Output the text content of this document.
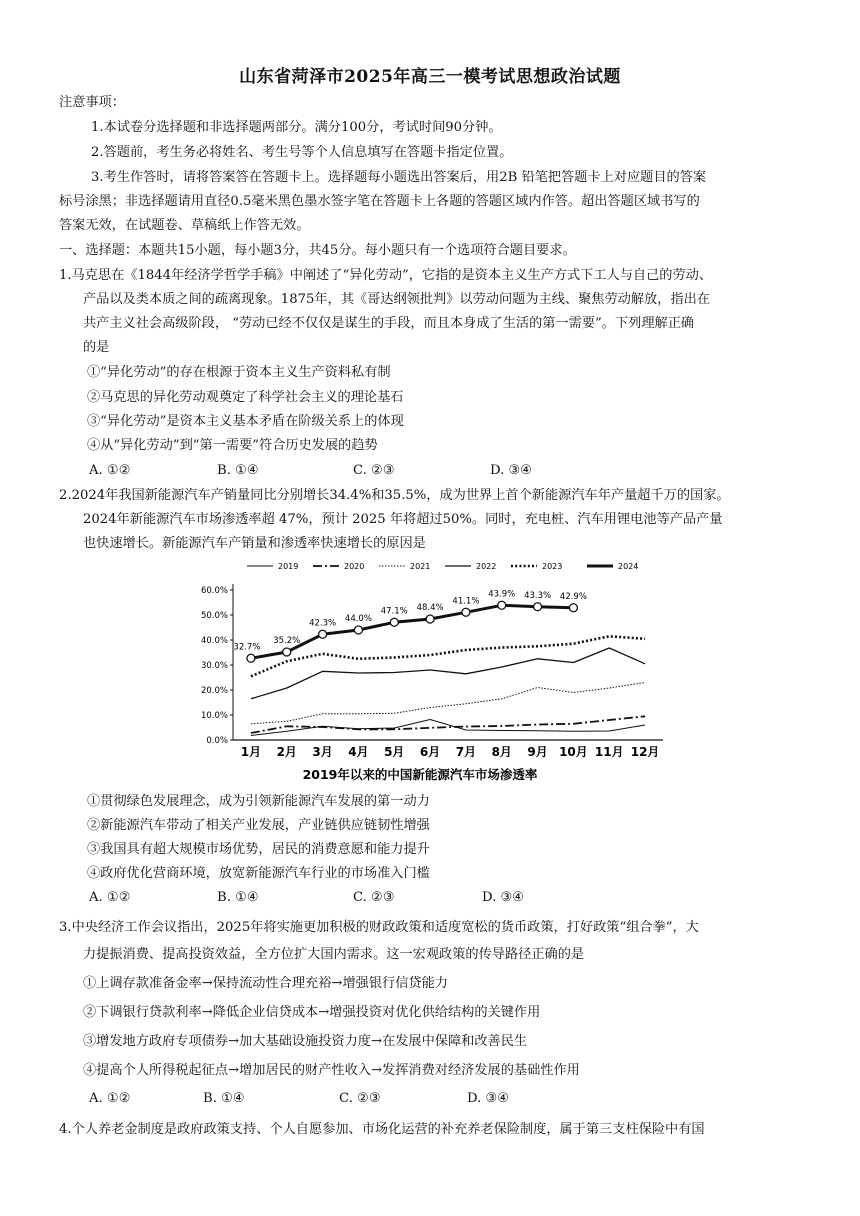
山东省菏泽市2025年高三一模考试思想政治试题
注意事项：
1.本试卷分选择题和非选择题两部分。满分100分，考试时间90分钟。
2.答题前，考生务必将姓名、考生号等个人信息填写在答题卡指定位置。
3.考生作答时，请将答案答在答题卡上。选择题每小题选出答案后，用2B 铅笔把答题卡上对应题目的答案
标号涂黑；非选择题请用直径0.5毫米黑色墨水签字笔在答题卡上各题的答题区域内作答。超出答题区域书写的
答案无效，在试题卷、草稿纸上作答无效。
一、选择题：本题共15小题，每小题3分，共45分。每小题只有一个选项符合题目要求。
1.马克思在《1844年经济学哲学手稿》中阐述了“异化劳动”，它指的是资本主义生产方式下工人与自己的劳动、
产品以及类本质之间的疏离现象。1875年，其《哥达纲领批判》以劳动问题为主线、聚焦劳动解放，指出在
共产主义社会高级阶段， “劳动已经不仅仅是谋生的手段，而且本身成了生活的第一需要”。下列理解正确
的是
①“异化劳动”的存在根源于资本主义生产资料私有制
②马克思的异化劳动观奠定了科学社会主义的理论基石
③“异化劳动”是资本主义基本矛盾在阶级关系上的体现
④从“异化劳动”到“第一需要”符合历史发展的趋势
A. ①②	B. ①④	C. ②③	D. ③④
2.2024年我国新能源汽车产销量同比分别增长34.4%和35.5%，成为世界上首个新能源汽车年产量超千万的国家。
2024年新能源汽车市场渗透率超 47%，预计 2025 年将超过50%。同时，充电桩、汽车用锂电池等产品产量
也快速增长。新能源汽车产销量和渗透率快速增长的原因是
2019	2020	2021	2022	2023	2024
0.0%
10.0%
20.0%
30.0%
40.0%
50.0%
60.0%
1月 2月 3月 4月 5月 6月 7月 8月 9月 10月 11月 12月
32.7%
35.2%
42.3% 44.0%
47.1% 48.4%
41.1%
43.9% 43.3% 42.9%
2019年以来的中国新能源汽车市场渗透率
①贯彻绿色发展理念，成为引领新能源汽车发展的第一动力
②新能源汽车带动了相关产业发展，产业链供应链韧性增强
③我国具有超大规模市场优势，居民的消费意愿和能力提升
④政府优化营商环境，放宽新能源汽车行业的市场准入门槛
A. ①②	B. ①④	C. ②③	D. ③④
3.中央经济工作会议指出，2025年将实施更加积极的财政政策和适度宽松的货币政策，打好政策“组合拳”，大
力提振消费、提高投资效益，全方位扩大国内需求。这一宏观政策的传导路径正确的是
①上调存款准备金率→保持流动性合理充裕→增强银行信贷能力
②下调银行贷款利率→降低企业信贷成本→增强投资对优化供给结构的关键作用
③增发地方政府专项债券→加大基础设施投资力度→在发展中保障和改善民生
④提高个人所得税起征点→增加居民的财产性收入→发挥消费对经济发展的基础性作用
A. ①②	B. ①④	C. ②③	D. ③④
4.个人养老金制度是政府政策支持、个人自愿参加、市场化运营的补充养老保险制度，属于第三支柱保险中有国
